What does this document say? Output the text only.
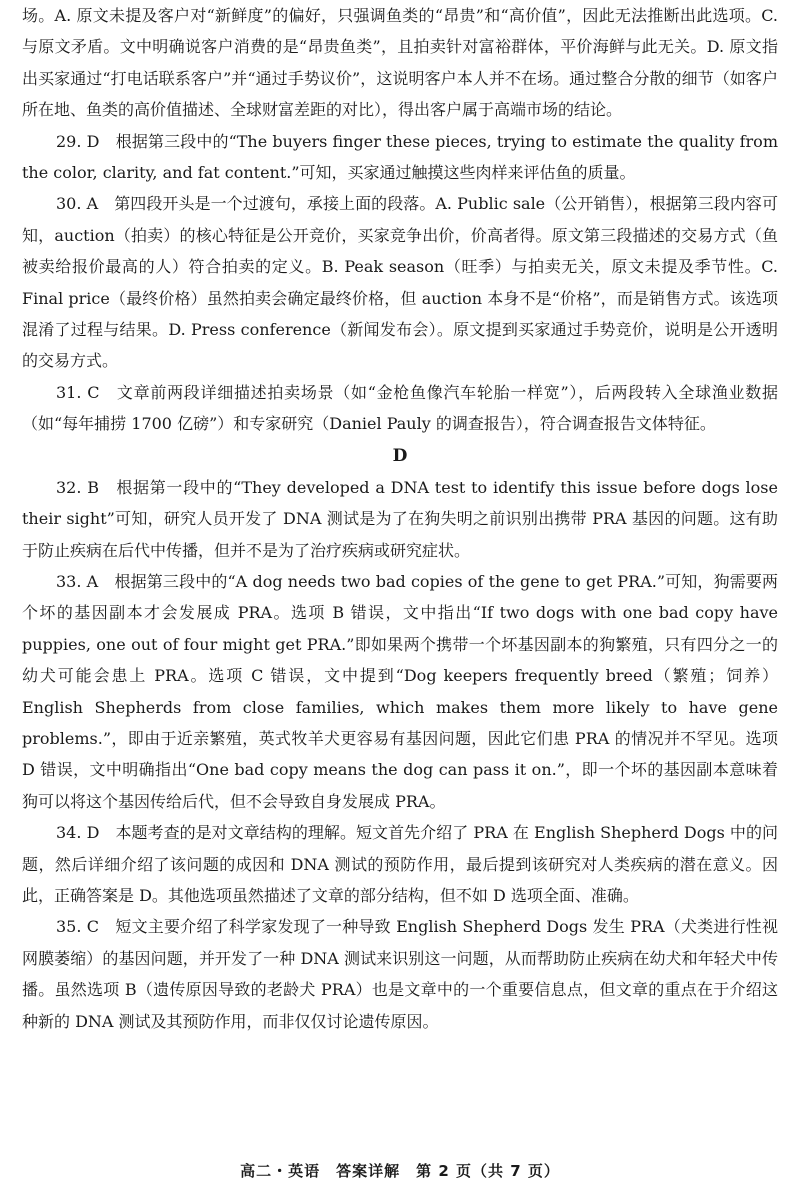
场。A. 原文未提及客户对“新鲜度”的偏好，只强调鱼类的“昂贵”和“高价值”，因此无法推断出此选项。C. 与原文矛盾。文中明确说客户消费的是“昂贵鱼类”，且拍卖针对富裕群体，平价海鲜与此无关。D. 原文指出买家通过“打电话联系客户”并“通过手势议价”，这说明客户本人并不在场。通过整合分散的细节（如客户所在地、鱼类的高价值描述、全球财富差距的对比），得出客户属于高端市场的结论。

29. D　根据第三段中的“The buyers finger these pieces, trying to estimate the quality from the color, clarity, and fat content.”可知，买家通过触摸这些肉样来评估鱼的质量。

30. A　第四段开头是一个过渡句，承接上面的段落。A. Public sale（公开销售），根据第三段内容可知，auction（拍卖）的核心特征是公开竞价，买家竞争出价，价高者得。原文第三段描述的交易方式（鱼被卖给报价最高的人）符合拍卖的定义。B. Peak season（旺季）与拍卖无关，原文未提及季节性。C. Final price（最终价格）虽然拍卖会确定最终价格，但 auction 本身不是“价格”，而是销售方式。该选项混淆了过程与结果。D. Press conference（新闻发布会）。原文提到买家通过手势竞价，说明是公开透明的交易方式。

31. C　文章前两段详细描述拍卖场景（如“金枪鱼像汽车轮胎一样宽”），后两段转入全球渔业数据（如“每年捕捞 1700 亿磅”）和专家研究（Daniel Pauly 的调查报告），符合调查报告文体特征。

D

32. B　根据第一段中的“They developed a DNA test to identify this issue before dogs lose their sight”可知，研究人员开发了 DNA 测试是为了在狗失明之前识别出携带 PRA 基因的问题。这有助于防止疾病在后代中传播，但并不是为了治疗疾病或研究症状。

33. A　根据第三段中的“A dog needs two bad copies of the gene to get PRA.”可知，狗需要两个坏的基因副本才会发展成 PRA。选项 B 错误，文中指出“If two dogs with one bad copy have puppies, one out of four might get PRA.”即如果两个携带一个坏基因副本的狗繁殖，只有四分之一的幼犬可能会患上 PRA。选项 C 错误，文中提到“Dog keepers frequently breed（繁殖；饲养）English Shepherds from close families, which makes them more likely to have gene problems.”，即由于近亲繁殖，英式牧羊犬更容易有基因问题，因此它们患 PRA 的情况并不罕见。选项 D 错误，文中明确指出“One bad copy means the dog can pass it on.”，即一个坏的基因副本意味着狗可以将这个基因传给后代，但不会导致自身发展成 PRA。

34. D　本题考查的是对文章结构的理解。短文首先介绍了 PRA 在 English Shepherd Dogs 中的问题，然后详细介绍了该问题的成因和 DNA 测试的预防作用，最后提到该研究对人类疾病的潜在意义。因此，正确答案是 D。其他选项虽然描述了文章的部分结构，但不如 D 选项全面、准确。

35. C　短文主要介绍了科学家发现了一种导致 English Shepherd Dogs 发生 PRA（犬类进行性视网膜萎缩）的基因问题，并开发了一种 DNA 测试来识别这一问题，从而帮助防止疾病在幼犬和年轻犬中传播。虽然选项 B（遗传原因导致的老龄犬 PRA）也是文章中的一个重要信息点，但文章的重点在于介绍这种新的 DNA 测试及其预防作用，而非仅仅讨论遗传原因。

高二・英语　答案详解　第 2 页（共 7 页）
